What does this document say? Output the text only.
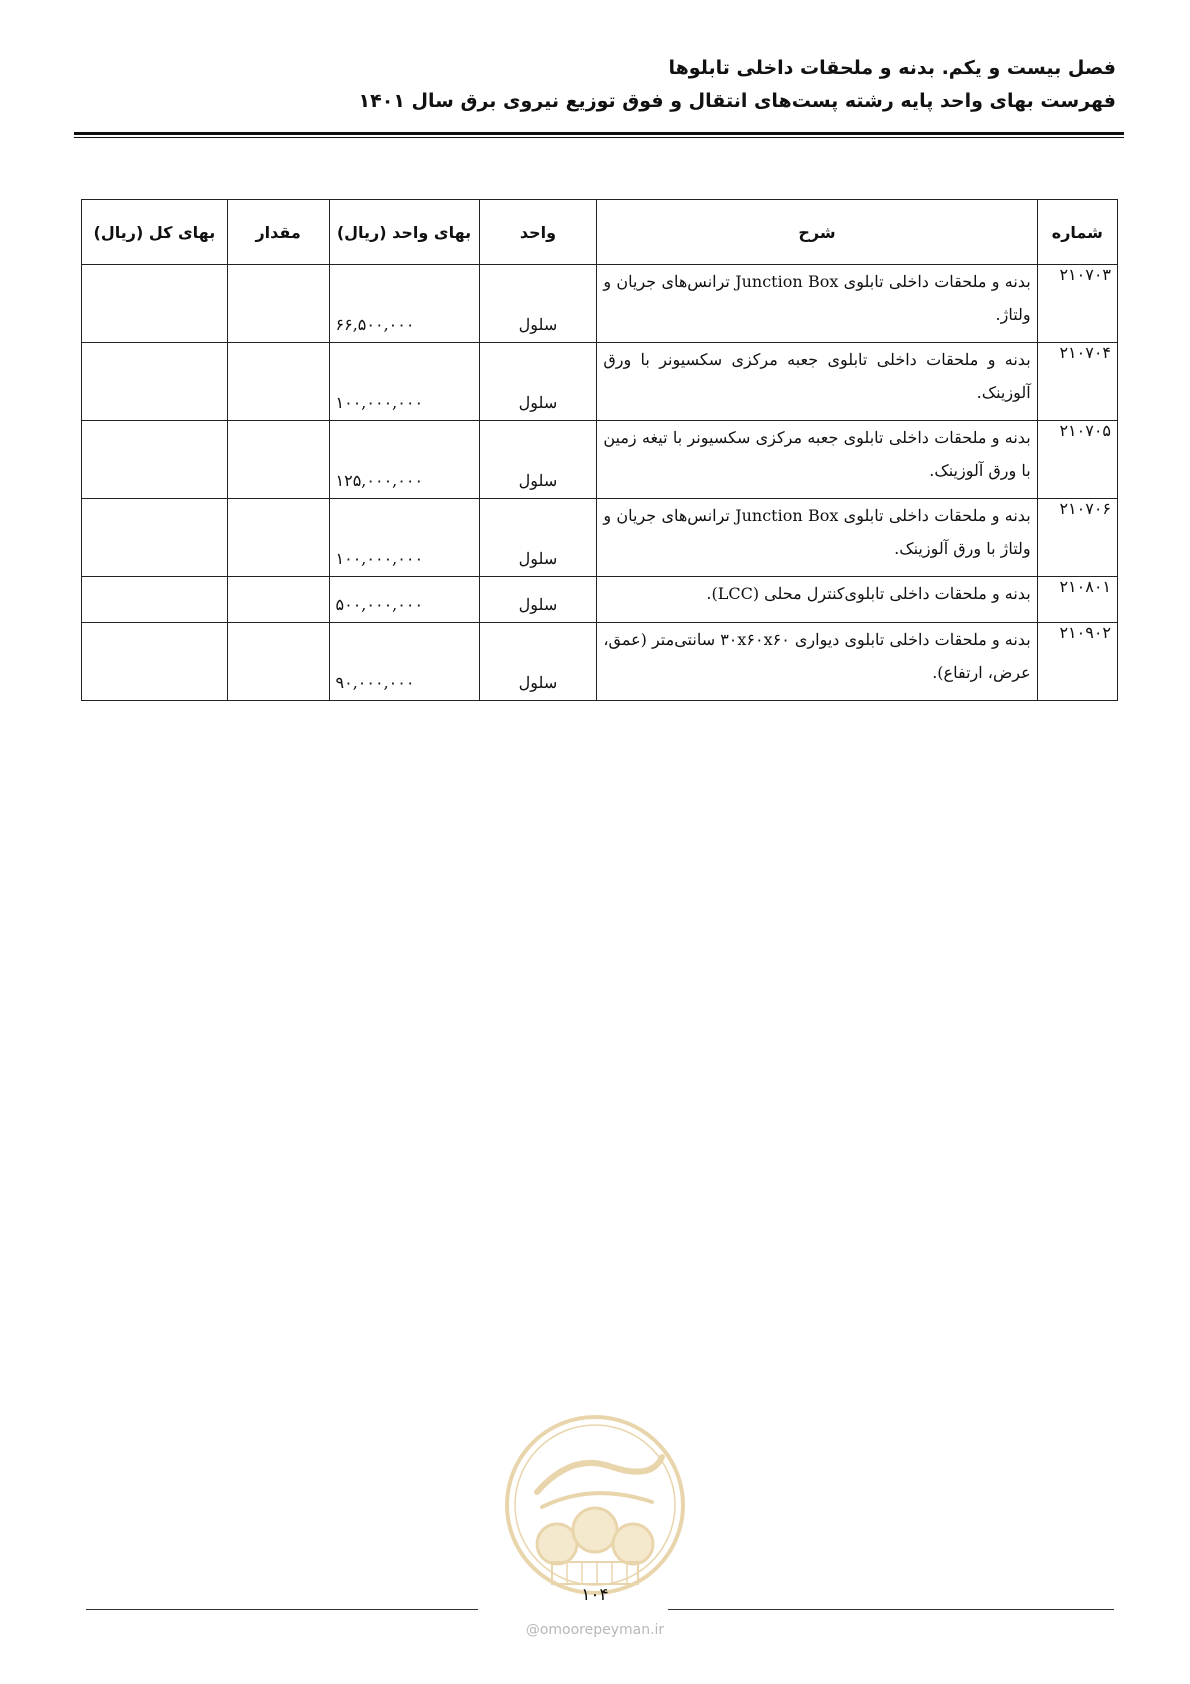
فصل بیست و یکم. بدنه و ملحقات داخلی تابلوها
فهرست بهای واحد پایه رشته پست‌های انتقال و فوق توزیع نیروی برق سال ۱۴۰۱
شماره	شرح	واحد	بهای واحد (ریال)	مقدار	بهای کل (ریال)
۲۱۰۷۰۳	بدنه و ملحقات داخلی تابلوی Junction Box ترانس‌های جریان و ولتاژ.	سلول	۶۶,۵۰۰,۰۰۰		
۲۱۰۷۰۴	بدنه و ملحقات داخلی تابلوی جعبه مرکزی سکسیونر با ورق آلوزینک.	سلول	۱۰۰,۰۰۰,۰۰۰		
۲۱۰۷۰۵	بدنه و ملحقات داخلی تابلوی جعبه مرکزی سکسیونر با تیغه زمین با ورق آلوزینک.	سلول	۱۲۵,۰۰۰,۰۰۰		
۲۱۰۷۰۶	بدنه و ملحقات داخلی تابلوی Junction Box ترانس‌های جریان و ولتاژ با ورق آلوزینک.	سلول	۱۰۰,۰۰۰,۰۰۰		
۲۱۰۸۰۱	بدنه و ملحقات داخلی تابلوی‌کنترل محلی (LCC).	سلول	۵۰۰,۰۰۰,۰۰۰		
۲۱۰۹۰۲	بدنه و ملحقات داخلی تابلوی دیواری ۳۰x۶۰x۶۰ سانتی‌متر (عمق، عرض، ارتفاع).	سلول	۹۰,۰۰۰,۰۰۰		
۱۰۴
@omoorepeyman.ir
